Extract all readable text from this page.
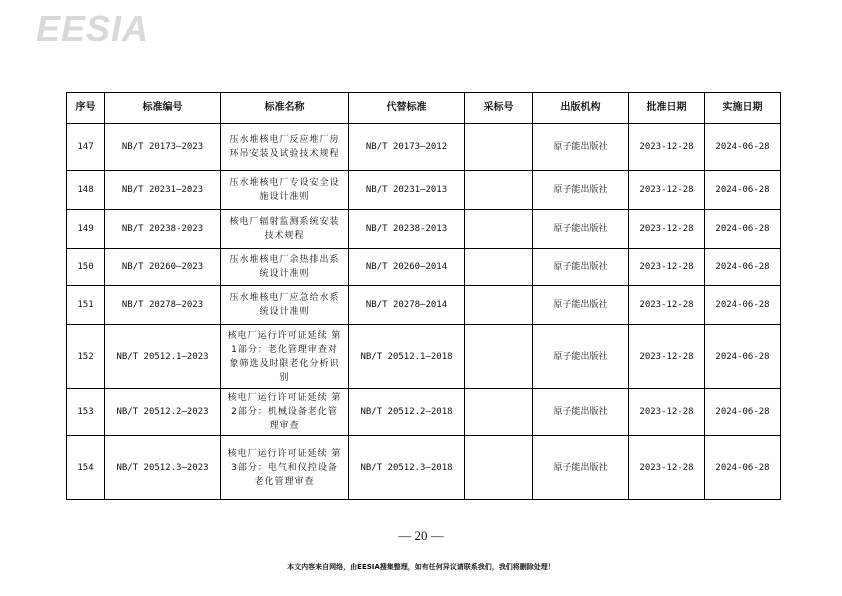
EESIA
序号	标准编号	标准名称	代替标准	采标号	出版机构	批准日期	实施日期
147	NB/T 20173—2023	压水堆核电厂反应堆厂房环吊安装及试验技术规程	NB/T 20173—2012		原子能出版社	2023-12-28	2024-06-28
148	NB/T 20231—2023	压水堆核电厂专设安全设施设计准则	NB/T 20231—2013		原子能出版社	2023-12-28	2024-06-28
149	NB/T 20238-2023	核电厂辐射监测系统安装技术规程	NB/T 20238-2013		原子能出版社	2023-12-28	2024-06-28
150	NB/T 20260—2023	压水堆核电厂余热排出系统设计准则	NB/T 20260—2014		原子能出版社	2023-12-28	2024-06-28
151	NB/T 20278—2023	压水堆核电厂应急给水系统设计准则	NB/T 20278—2014		原子能出版社	2023-12-28	2024-06-28
152	NB/T 20512.1—2023	核电厂运行许可证延续 第1部分：老化管理审查对象筛选及时限老化分析识别	NB/T 20512.1—2018		原子能出版社	2023-12-28	2024-06-28
153	NB/T 20512.2—2023	核电厂运行许可证延续 第2部分：机械设备老化管理审查	NB/T 20512.2—2018		原子能出版社	2023-12-28	2024-06-28
154	NB/T 20512.3—2023	核电厂运行许可证延续 第3部分：电气和仪控设备老化管理审查	NB/T 20512.3—2018		原子能出版社	2023-12-28	2024-06-28
— 20 —
本文内容来自网络，由EESIA搜集整理，如有任何异议请联系我们，我们将删除处理！
